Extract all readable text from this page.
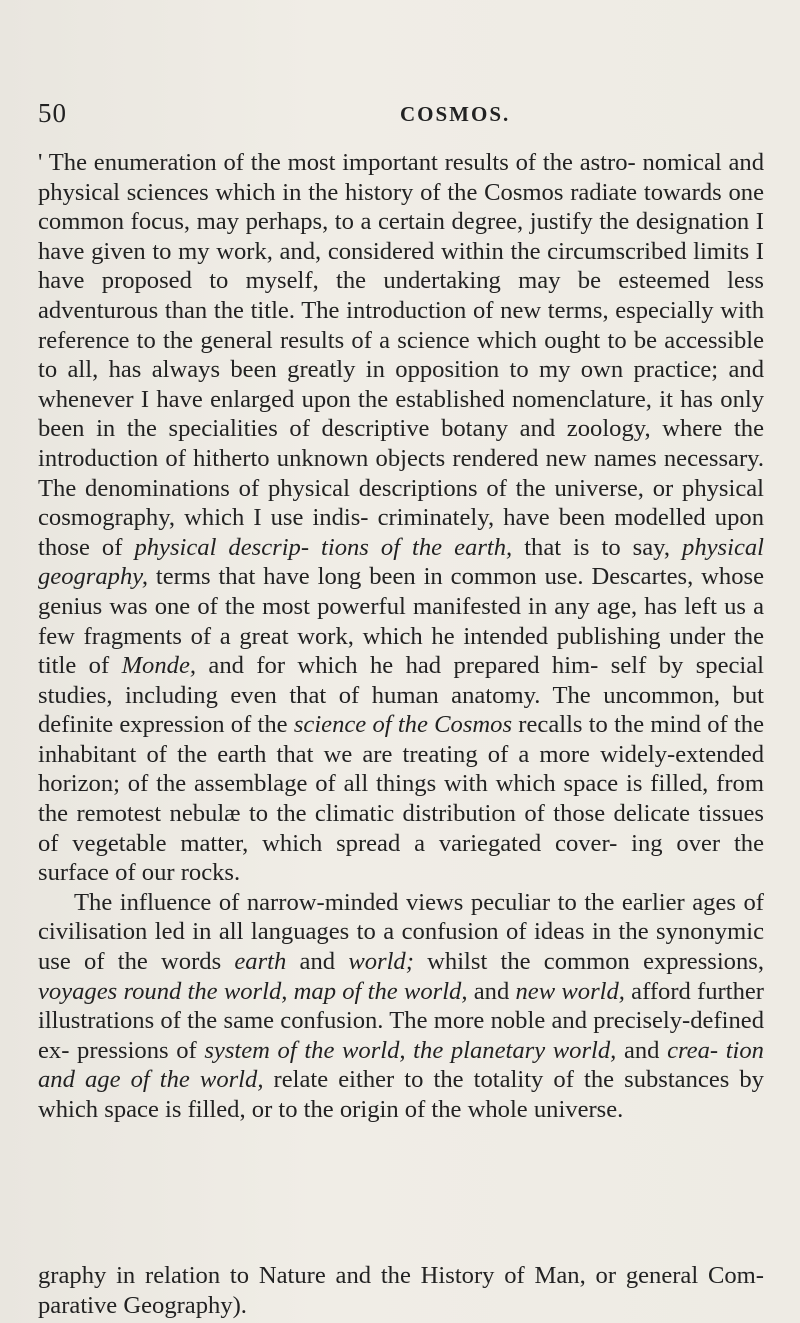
50	COSMOS.

' The enumeration of the most important results of the astro- nomical and physical sciences which in the history of the Cosmos radiate towards one common focus, may perhaps, to a certain degree, justify the designation I have given to my work, and, considered within the circumscribed limits I have proposed to myself, the undertaking may be esteemed less adventurous than the title. The introduction of new terms, especially with reference to the general results of a science which ought to be accessible to all, has always been greatly in opposition to my own practice; and whenever I have enlarged upon the established nomenclature, it has only been in the specialities of descriptive botany and zoology, where the introduction of hitherto unknown objects rendered new names necessary. The denominations of physical descriptions of the universe, or physical cosmography, which I use indis- criminately, have been modelled upon those of physical descrip- tions of the earth, that is to say, physical geography, terms that have long been in common use. Descartes, whose genius was one of the most powerful manifested in any age, has left us a few fragments of a great work, which he intended publishing under the title of Monde, and for which he had prepared him- self by special studies, including even that of human anatomy. The uncommon, but definite expression of the science of the Cosmos recalls to the mind of the inhabitant of the earth that we are treating of a more widely-extended horizon; of the assemblage of all things with which space is filled, from the remotest nebulæ to the climatic distribution of those delicate tissues of vegetable matter, which spread a variegated cover- ing over the surface of our rocks.

The influence of narrow-minded views peculiar to the earlier ages of civilisation led in all languages to a confusion of ideas in the synonymic use of the words earth and world; whilst the common expressions, voyages round the world, map of the world, and new world, afford further illustrations of the same confusion. The more noble and precisely-defined ex- pressions of system of the world, the planetary world, and crea- tion and age of the world, relate either to the totality of the substances by which space is filled, or to the origin of the whole universe.

graphy in relation to Nature and the History of Man, or general Com- parative Geography).
